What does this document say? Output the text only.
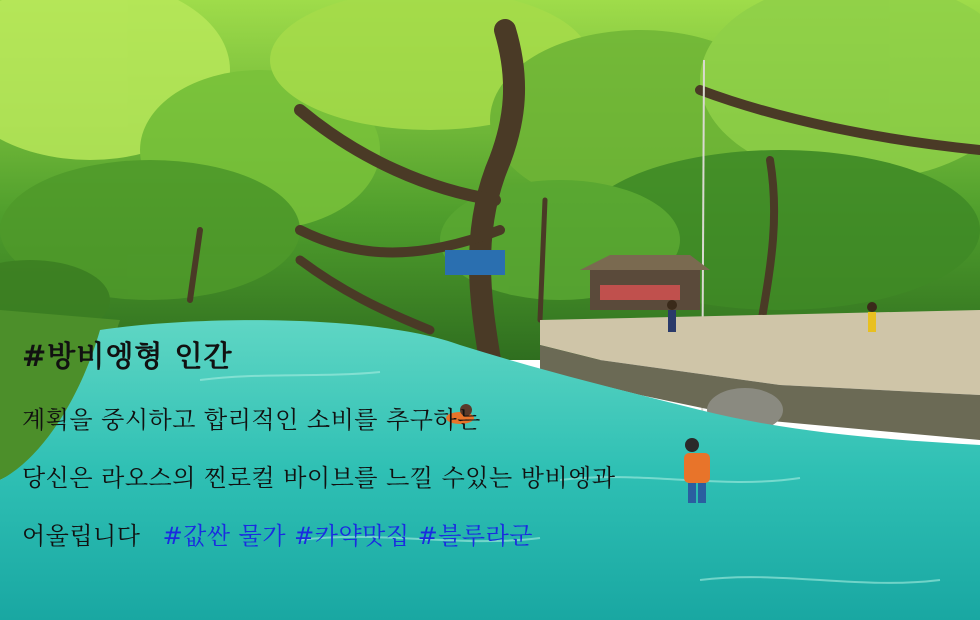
#방비엥형 인간
계획을 중시하고 합리적인 소비를 추구하는
당신은 라오스의 찐로컬 바이브를 느낄 수있는 방비엥과
어울립니다 #값싼 물가 #카약맛집 #블루라군
